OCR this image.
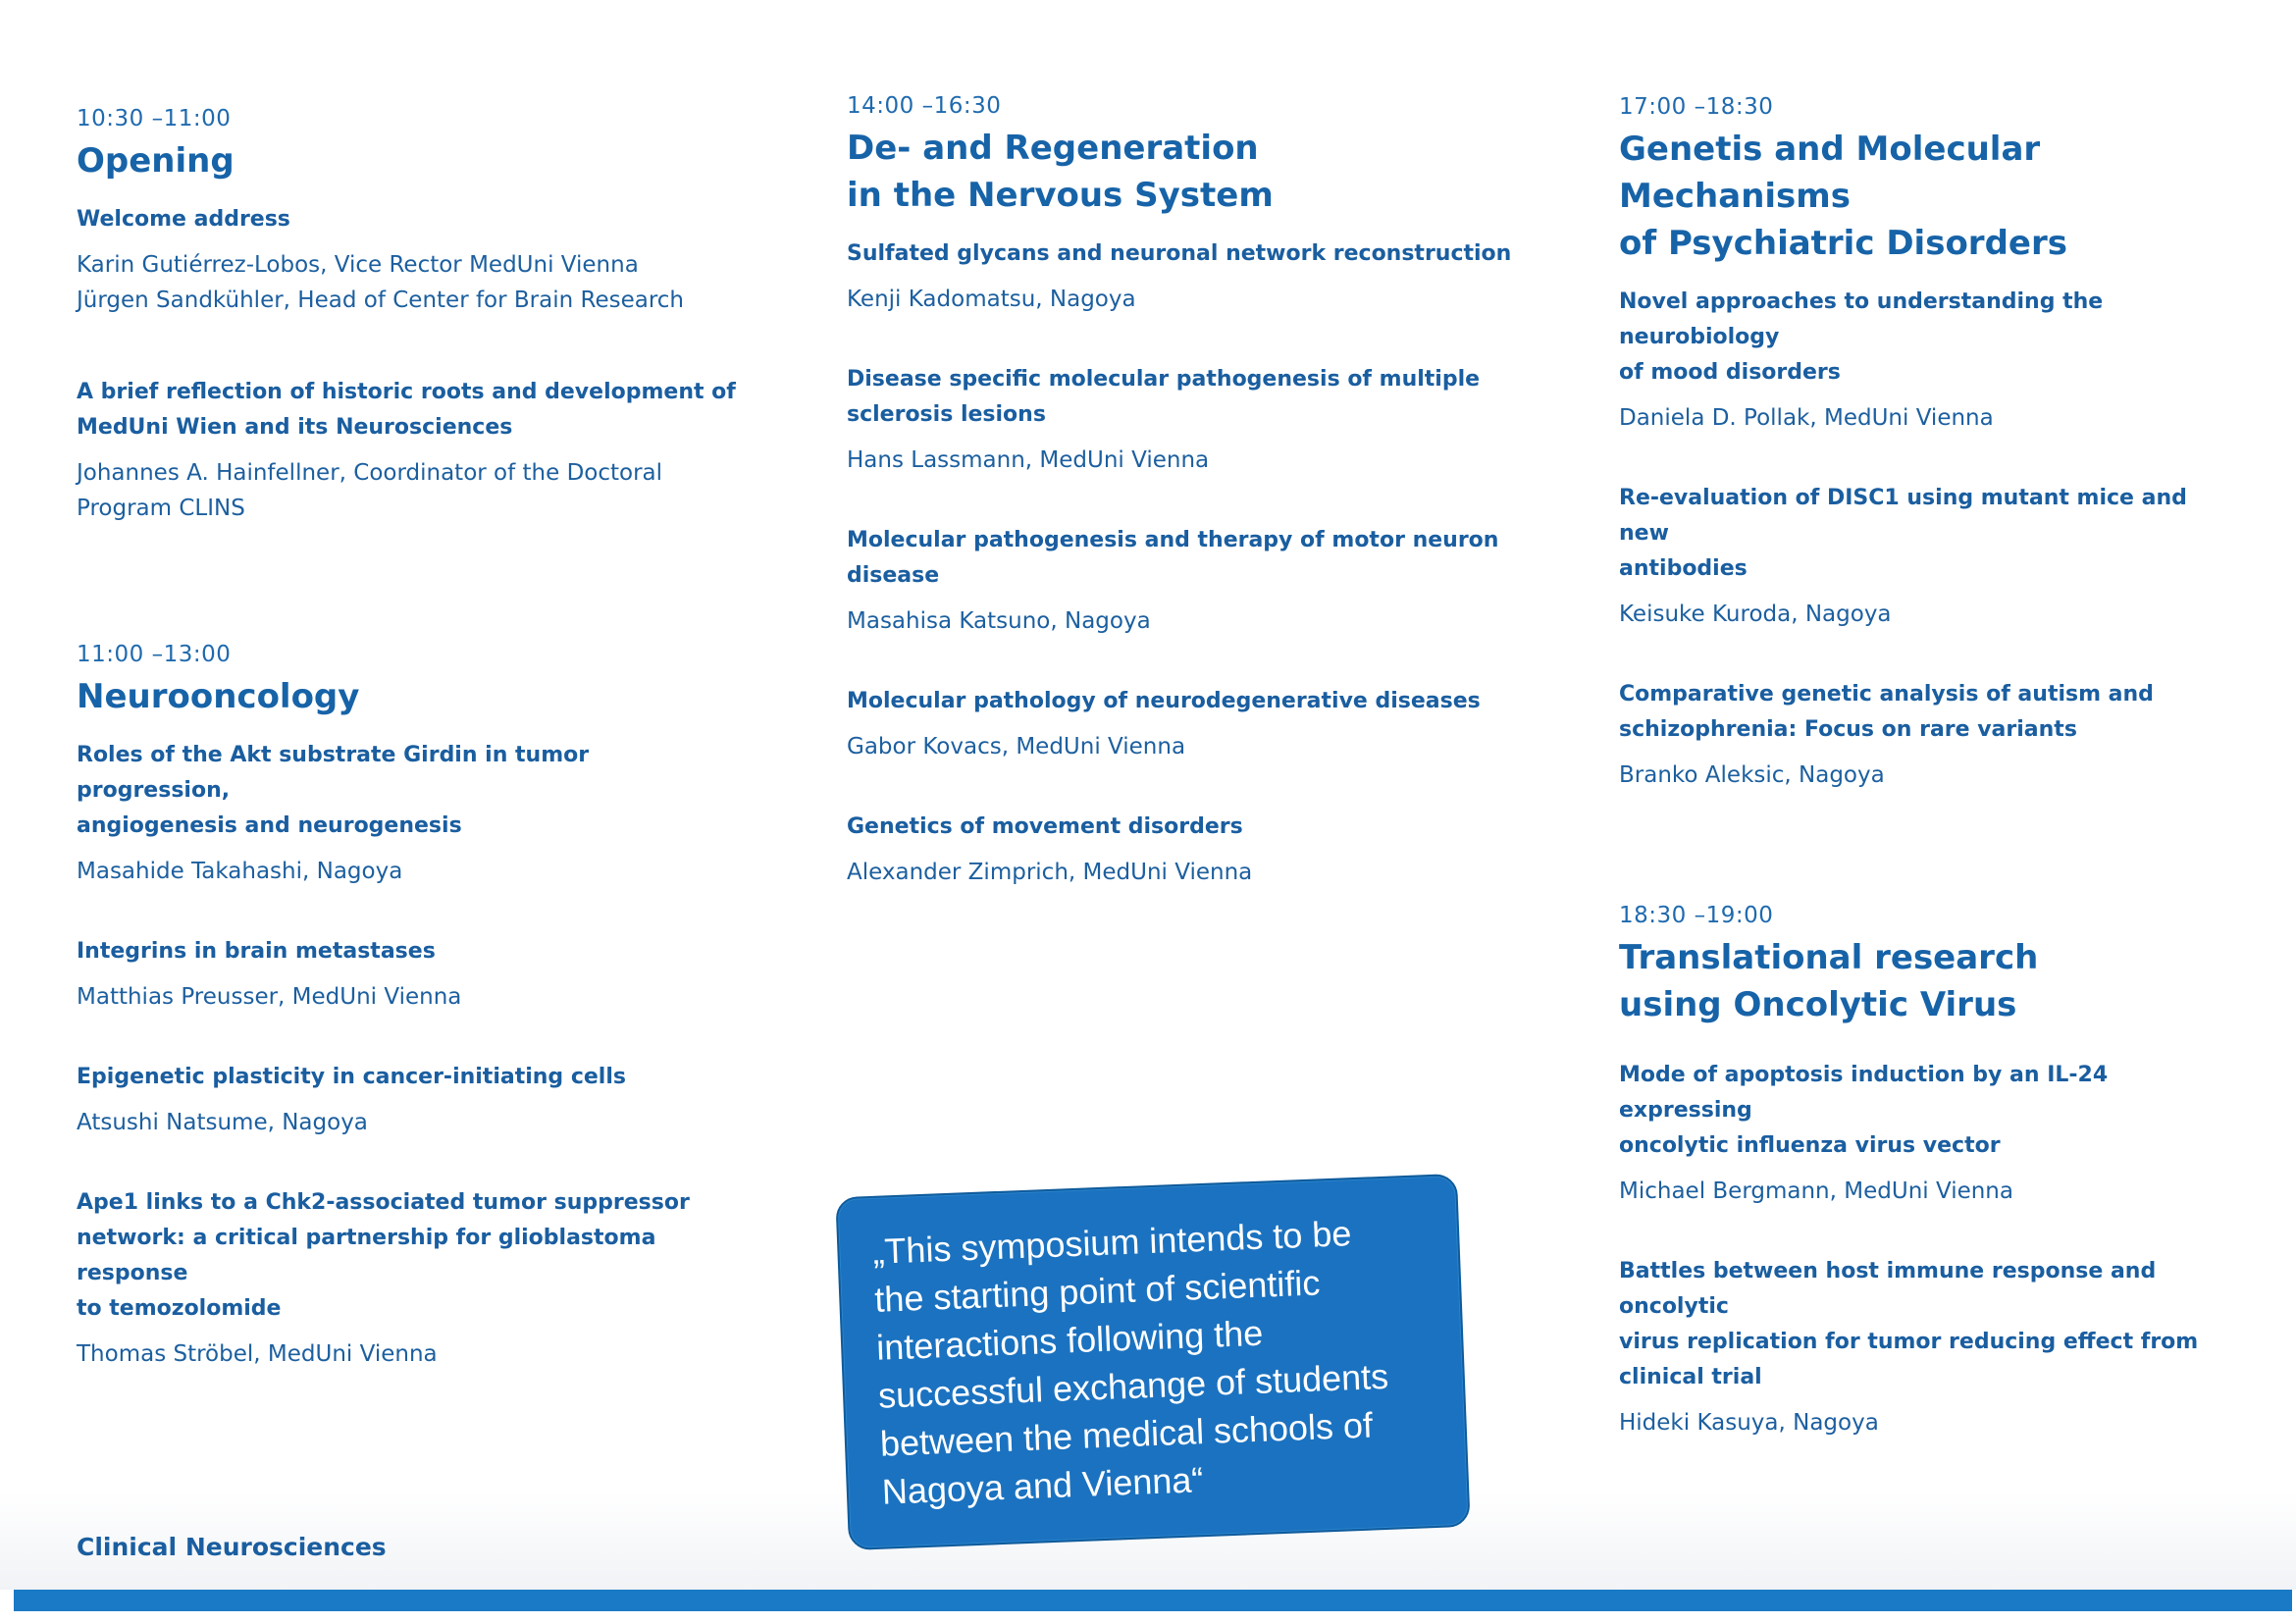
10:30 –11:00
Opening
Welcome address
Karin Gutiérrez-Lobos, Vice Rector MedUni Vienna
Jürgen Sandkühler, Head of Center for Brain Research
A brief reflection of historic roots and development of
MedUni Wien and its Neurosciences
Johannes A. Hainfellner, Coordinator of the Doctoral
Program CLINS
11:00 –13:00
Neurooncology
Roles of the Akt substrate Girdin in tumor progression,
angiogenesis and neurogenesis
Masahide Takahashi, Nagoya
Integrins in brain metastases
Matthias Preusser, MedUni Vienna
Epigenetic plasticity in cancer-initiating cells
Atsushi Natsume, Nagoya
Ape1 links to a Chk2-associated tumor suppressor
network: a critical partnership for glioblastoma response
to temozolomide
Thomas Ströbel, MedUni Vienna
14:00 –16:30
De- and Regeneration
in the Nervous System
Sulfated glycans and neuronal network reconstruction
Kenji Kadomatsu, Nagoya
Disease specific molecular pathogenesis of multiple
sclerosis lesions
Hans Lassmann, MedUni Vienna
Molecular pathogenesis and therapy of motor neuron
disease
Masahisa Katsuno, Nagoya
Molecular pathology of neurodegenerative diseases
Gabor Kovacs, MedUni Vienna
Genetics of movement disorders
Alexander Zimprich, MedUni Vienna
17:00 –18:30
Genetis and Molecular Mechanisms
of Psychiatric Disorders
Novel approaches to understanding the neurobiology
of mood disorders
Daniela D. Pollak, MedUni Vienna
Re-evaluation of DISC1 using mutant mice and new
antibodies
Keisuke Kuroda, Nagoya
Comparative genetic analysis of autism and
schizophrenia: Focus on rare variants
Branko Aleksic, Nagoya
18:30 –19:00
Translational research
using Oncolytic Virus
Mode of apoptosis induction by an IL-24 expressing
oncolytic influenza virus vector
Michael Bergmann, MedUni Vienna
Battles between host immune response and oncolytic
virus replication for tumor reducing effect from
clinical trial
Hideki Kasuya, Nagoya
„This symposium intends to be
the starting point of scientific
interactions following the
successful exchange of students
between the medical schools of
Nagoya and Vienna“
Clinical Neurosciences
